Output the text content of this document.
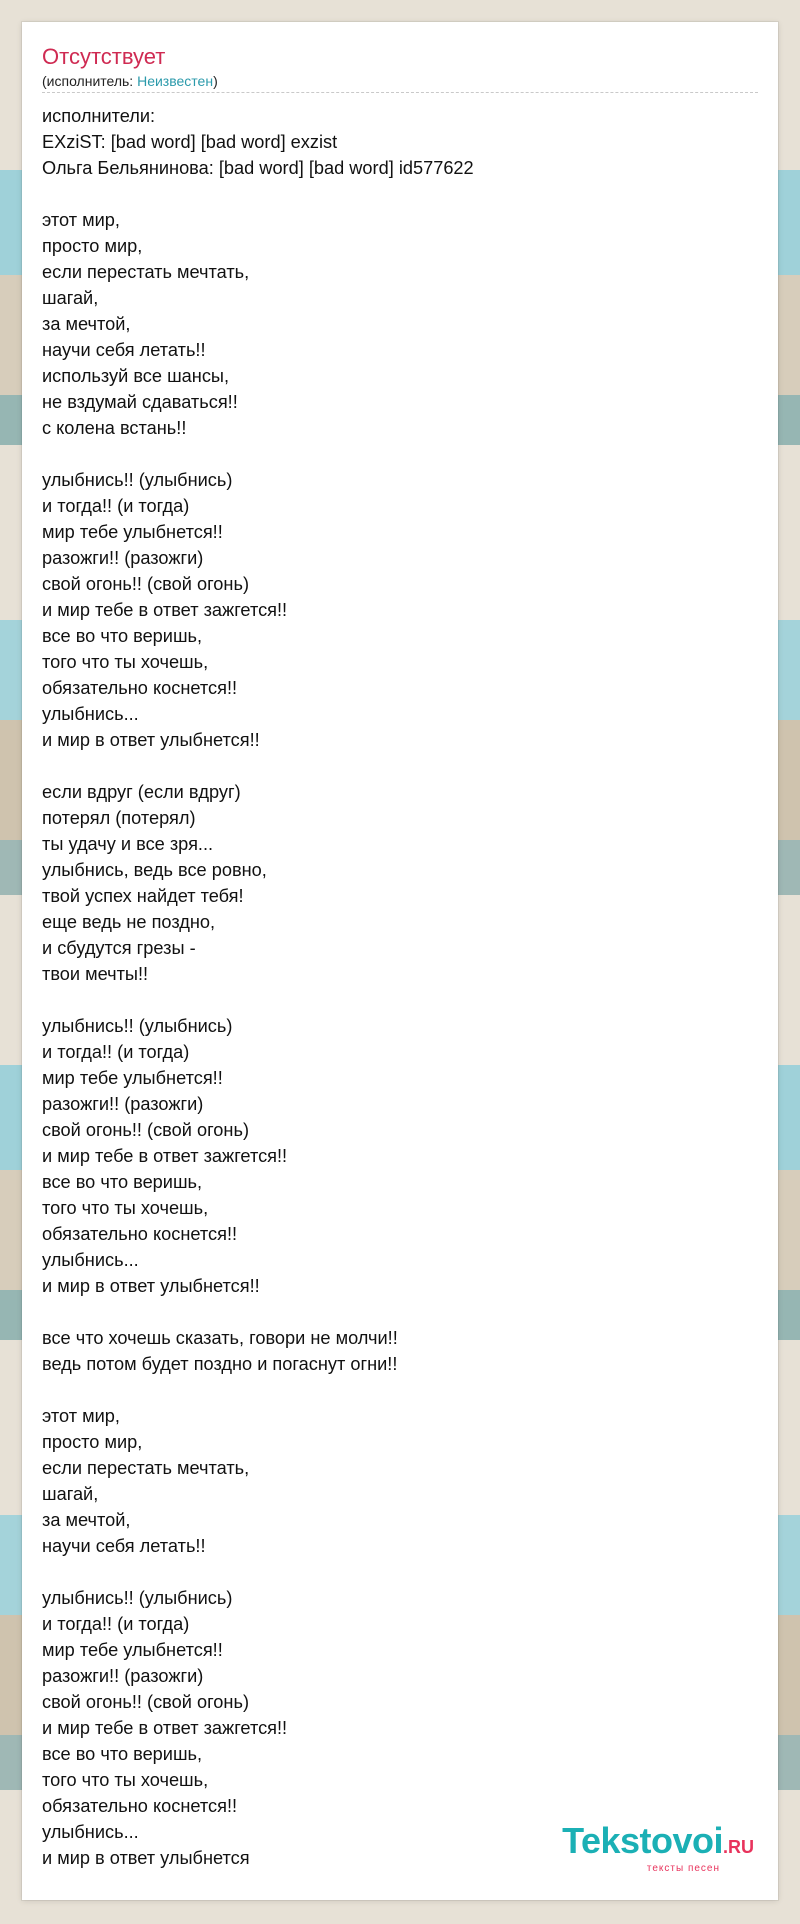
Отсутствует
(исполнитель: Неизвестен)
исполнители:
EXziST: [bad word] [bad word] exzist
Ольга Бельянинова: [bad word] [bad word] id577622
этот мир,
просто мир,
если перестать мечтать,
шагай,
за мечтой,
научи себя летать!!
используй все шансы,
не вздумай сдаваться!!
с колена встань!!
улыбнись!! (улыбнись)
и тогда!! (и тогда)
мир тебе улыбнется!!
разожги!! (разожги)
свой огонь!! (свой огонь)
и мир тебе в ответ зажгется!!
все во что веришь,
того что ты хочешь,
обязательно коснется!!
улыбнись...
и мир в ответ улыбнется!!
если вдруг (если вдруг)
потерял (потерял)
ты удачу и все зря...
улыбнись, ведь все ровно,
твой успех найдет тебя!
еще ведь не поздно,
и сбудутся грезы -
твои мечты!!
улыбнись!! (улыбнись)
и тогда!! (и тогда)
мир тебе улыбнется!!
разожги!! (разожги)
свой огонь!! (свой огонь)
и мир тебе в ответ зажгется!!
все во что веришь,
того что ты хочешь,
обязательно коснется!!
улыбнись...
и мир в ответ улыбнется!!
все что хочешь сказать, говори не молчи!!
ведь потом будет поздно и погаснут огни!!
этот мир,
просто мир,
если перестать мечтать,
шагай,
за мечтой,
научи себя летать!!
улыбнись!! (улыбнись)
и тогда!! (и тогда)
мир тебе улыбнется!!
разожги!! (разожги)
свой огонь!! (свой огонь)
и мир тебе в ответ зажгется!!
все во что веришь,
того что ты хочешь,
обязательно коснется!!
улыбнись...
и мир в ответ улыбнется	Tekstovoi.RU
тексты песен
